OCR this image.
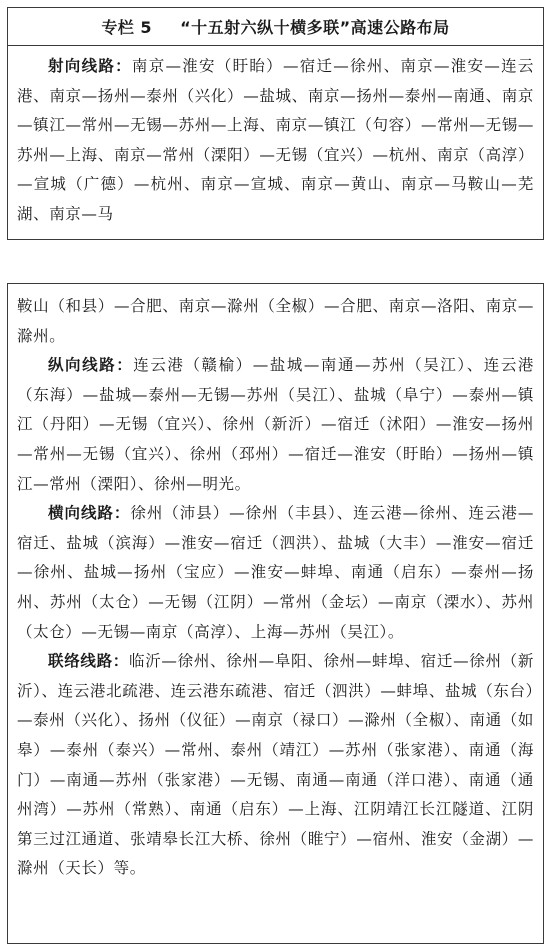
专栏 5 “十五射六纵十横多联”高速公路布局

射向线路：南京—淮安（盱眙）—宿迁—徐州、南京—淮安—连云港、南京—扬州—泰州（兴化）—盐城、南京—扬州—泰州—南通、南京—镇江—常州—无锡—苏州—上海、南京—镇江（句容）—常州—无锡—苏州—上海、南京—常州（溧阳）—无锡（宜兴）—杭州、南京（高淳）—宣城（广德）—杭州、南京—宣城、南京—黄山、南京—马鞍山—芜湖、南京—马

鞍山（和县）—合肥、南京—滁州（全椒）—合肥、南京—洛阳、南京—滁州。

纵向线路：连云港（赣榆）—盐城—南通—苏州（吴江）、连云港（东海）—盐城—泰州—无锡—苏州（吴江）、盐城（阜宁）—泰州—镇江（丹阳）—无锡（宜兴）、徐州（新沂）—宿迁（沭阳）—淮安—扬州—常州—无锡（宜兴）、徐州（邳州）—宿迁—淮安（盱眙）—扬州—镇江—常州（溧阳）、徐州—明光。

横向线路：徐州（沛县）—徐州（丰县）、连云港—徐州、连云港—宿迁、盐城（滨海）—淮安—宿迁（泗洪）、盐城（大丰）—淮安—宿迁—徐州、盐城—扬州（宝应）—淮安—蚌埠、南通（启东）—泰州—扬州、苏州（太仓）—无锡（江阴）—常州（金坛）—南京（溧水）、苏州（太仓）—无锡—南京（高淳）、上海—苏州（吴江）。

联络线路：临沂—徐州、徐州—阜阳、徐州—蚌埠、宿迁—徐州（新沂）、连云港北疏港、连云港东疏港、宿迁（泗洪）—蚌埠、盐城（东台）—泰州（兴化）、扬州（仪征）—南京（禄口）—滁州（全椒）、南通（如皋）—泰州（泰兴）—常州、泰州（靖江）—苏州（张家港）、南通（海门）—南通—苏州（张家港）—无锡、南通—南通（洋口港）、南通（通州湾）—苏州（常熟）、南通（启东）—上海、江阴靖江长江隧道、江阴第三过江通道、张靖皋长江大桥、徐州（睢宁）—宿州、淮安（金湖）—滁州（天长）等。
